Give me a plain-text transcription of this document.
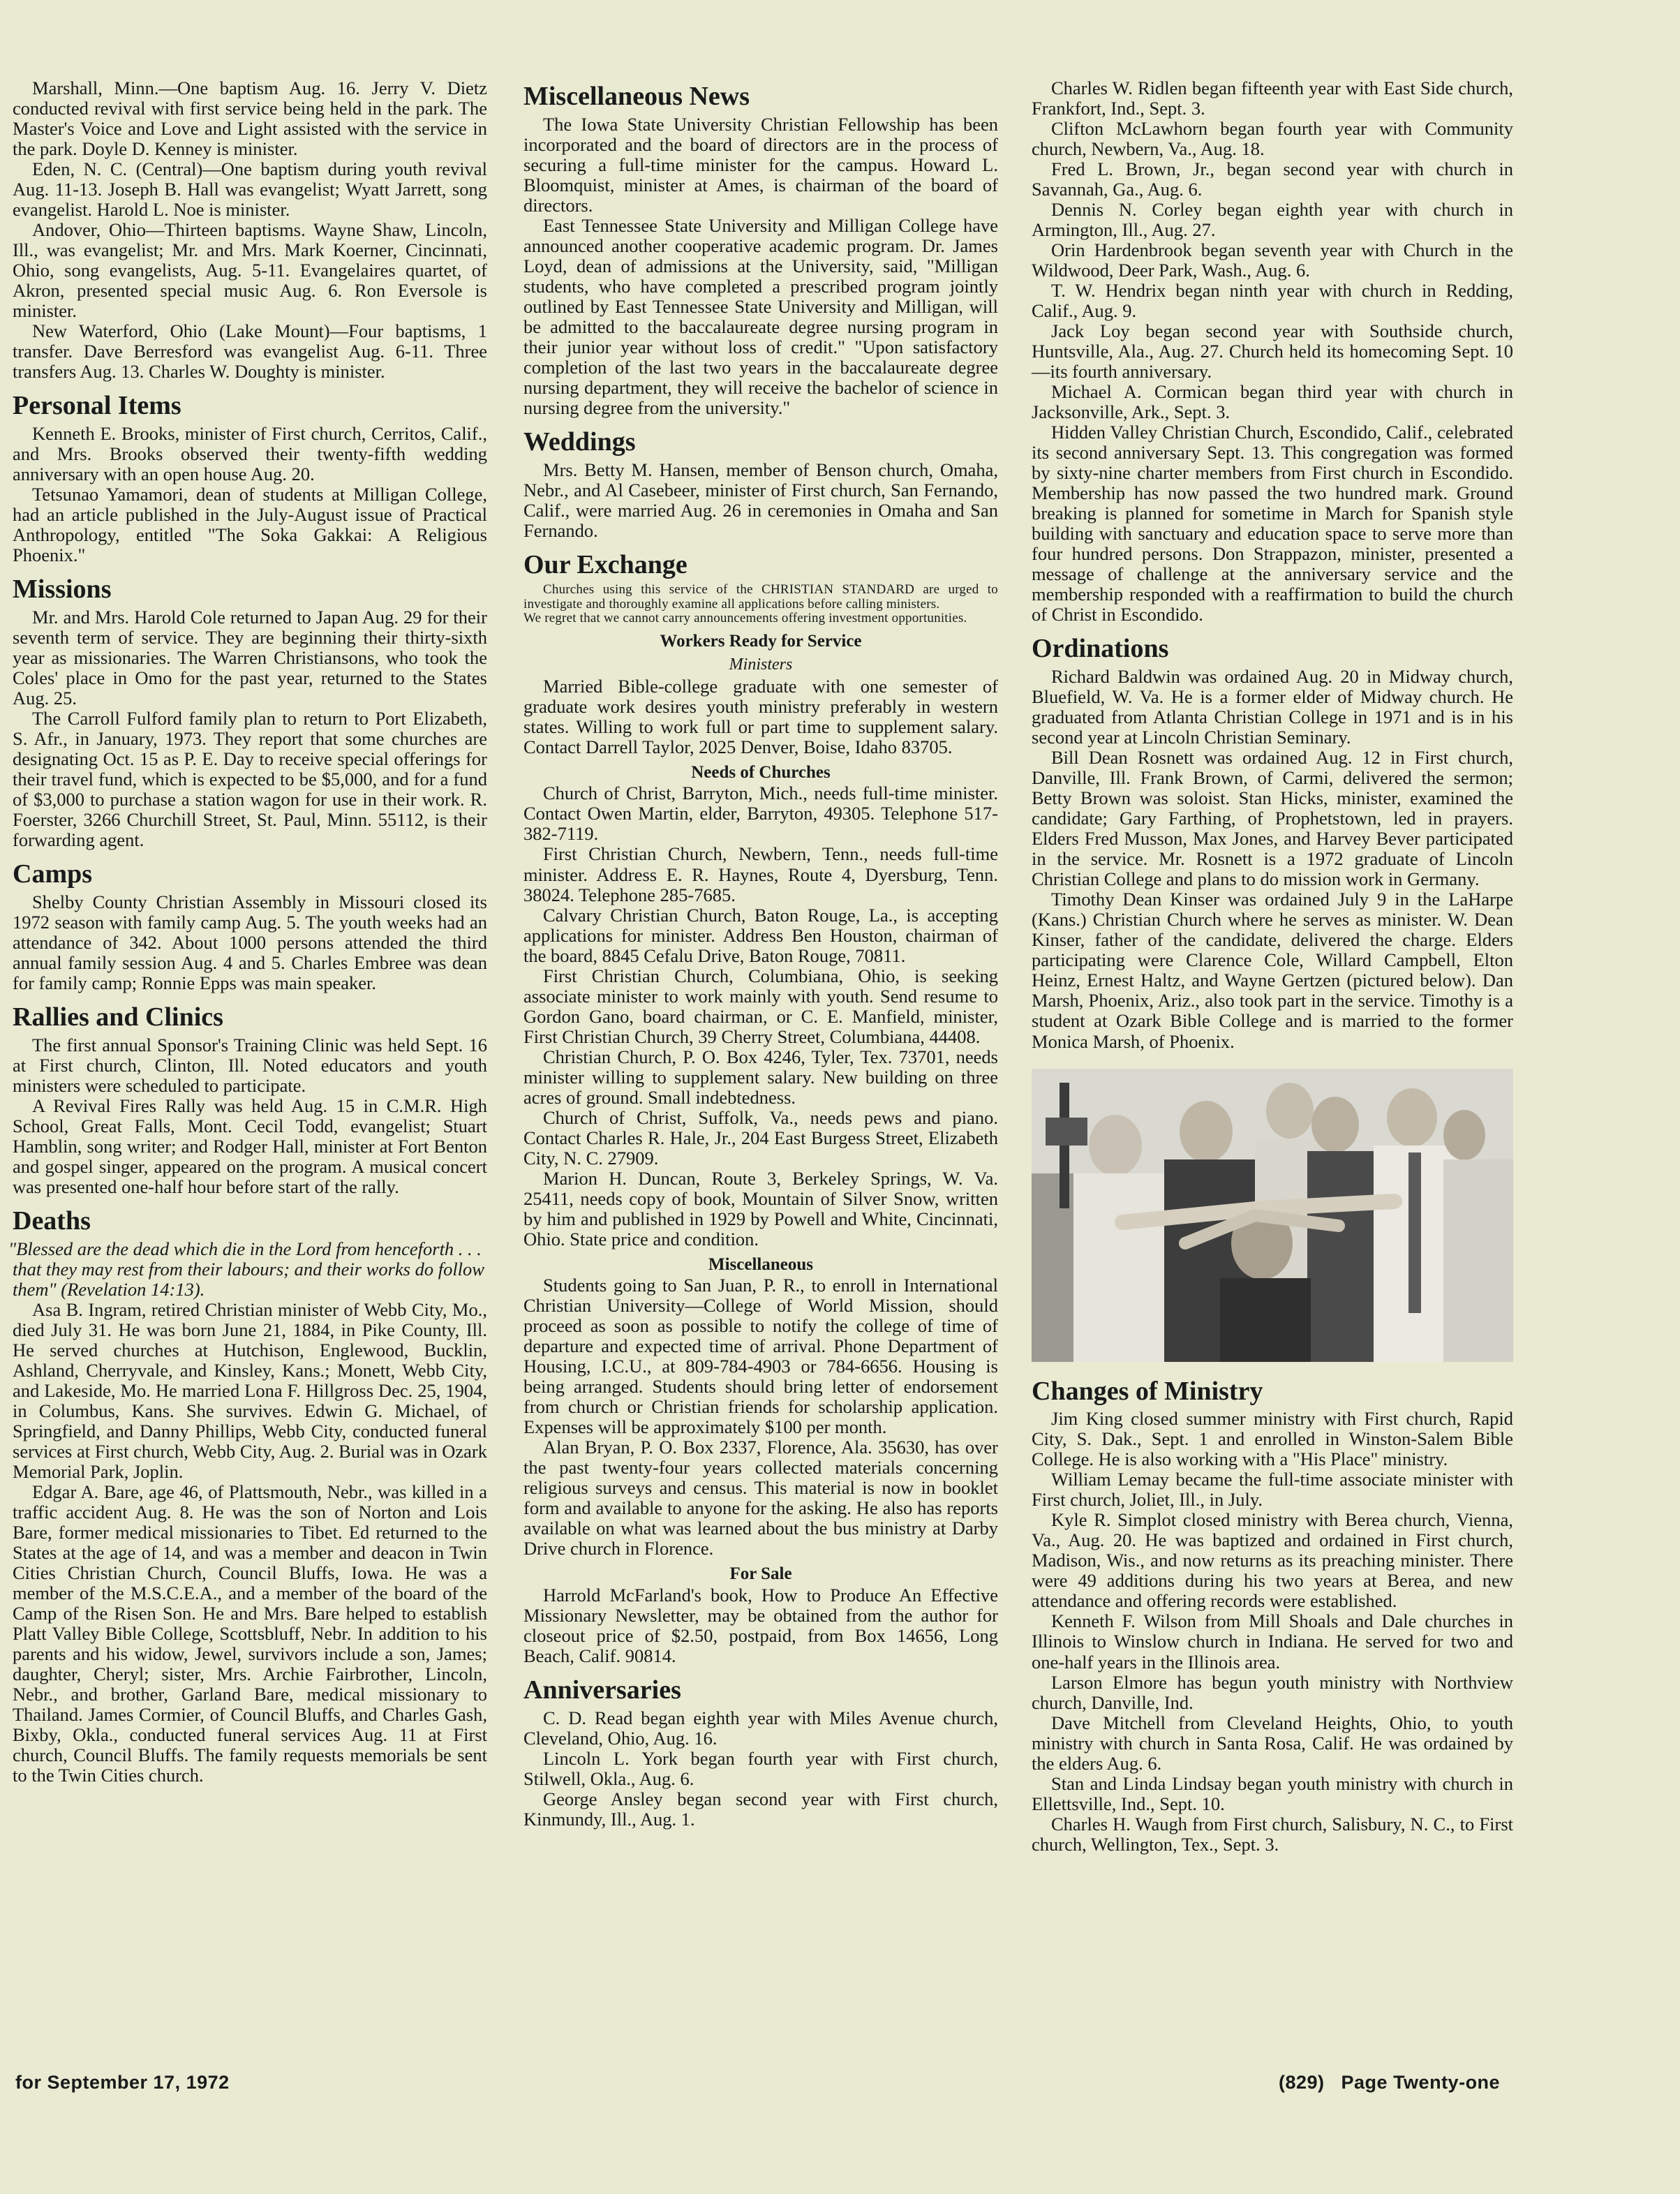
Marshall, Minn.—One baptism Aug. 16. Jerry V. Dietz conducted revival with first service being held in the park. The Master's Voice and Love and Light assisted with the service in the park. Doyle D. Kenney is minister.

Eden, N. C. (Central)—One baptism during youth revival Aug. 11-13. Joseph B. Hall was evangelist; Wyatt Jarrett, song evangelist. Harold L. Noe is minister.

Andover, Ohio—Thirteen baptisms. Wayne Shaw, Lincoln, Ill., was evangelist; Mr. and Mrs. Mark Koerner, Cincinnati, Ohio, song evangelists, Aug. 5-11. Evangelaires quartet, of Akron, presented special music Aug. 6. Ron Eversole is minister.

New Waterford, Ohio (Lake Mount)—Four baptisms, 1 transfer. Dave Berresford was evangelist Aug. 6-11. Three transfers Aug. 13. Charles W. Doughty is minister.

Personal Items

Kenneth E. Brooks, minister of First church, Cerritos, Calif., and Mrs. Brooks observed their twenty-fifth wedding anniversary with an open house Aug. 20.

Tetsunao Yamamori, dean of students at Milligan College, had an article published in the July-August issue of Practical Anthropology, entitled "The Soka Gakkai: A Religious Phoenix."

Missions

Mr. and Mrs. Harold Cole returned to Japan Aug. 29 for their seventh term of service. They are beginning their thirty-sixth year as missionaries. The Warren Christiansons, who took the Coles' place in Omo for the past year, returned to the States Aug. 25.

The Carroll Fulford family plan to return to Port Elizabeth, S. Afr., in January, 1973. They report that some churches are designating Oct. 15 as P. E. Day to receive special offerings for their travel fund, which is expected to be $5,000, and for a fund of $3,000 to purchase a station wagon for use in their work. R. Foerster, 3266 Churchill Street, St. Paul, Minn. 55112, is their forwarding agent.

Camps

Shelby County Christian Assembly in Missouri closed its 1972 season with family camp Aug. 5. The youth weeks had an attendance of 342. About 1000 persons attended the third annual family session Aug. 4 and 5. Charles Embree was dean for family camp; Ronnie Epps was main speaker.

Rallies and Clinics

The first annual Sponsor's Training Clinic was held Sept. 16 at First church, Clinton, Ill. Noted educators and youth ministers were scheduled to participate.

A Revival Fires Rally was held Aug. 15 in C.M.R. High School, Great Falls, Mont. Cecil Todd, evangelist; Stuart Hamblin, song writer; and Rodger Hall, minister at Fort Benton and gospel singer, appeared on the program. A musical concert was presented one-half hour before start of the rally.

Deaths

"Blessed are the dead which die in the Lord from henceforth . . . that they may rest from their labours; and their works do follow them" (Revelation 14:13).

Asa B. Ingram, retired Christian minister of Webb City, Mo., died July 31. He was born June 21, 1884, in Pike County, Ill. He served churches at Hutchison, Englewood, Bucklin, Ashland, Cherryvale, and Kinsley, Kans.; Monett, Webb City, and Lakeside, Mo. He married Lona F. Hillgross Dec. 25, 1904, in Columbus, Kans. She survives. Edwin G. Michael, of Springfield, and Danny Phillips, Webb City, conducted funeral services at First church, Webb City, Aug. 2. Burial was in Ozark Memorial Park, Joplin.

Edgar A. Bare, age 46, of Plattsmouth, Nebr., was killed in a traffic accident Aug. 8. He was the son of Norton and Lois Bare, former medical missionaries to Tibet. Ed returned to the States at the age of 14, and was a member and deacon in Twin Cities Christian Church, Council Bluffs, Iowa. He was a member of the M.S.C.E.A., and a member of the board of the Camp of the Risen Son. He and Mrs. Bare helped to establish Platt Valley Bible College, Scottsbluff, Nebr. In addition to his parents and his widow, Jewel, survivors include a son, James; daughter, Cheryl; sister, Mrs. Archie Fairbrother, Lincoln, Nebr., and brother, Garland Bare, medical missionary to Thailand. James Cormier, of Council Bluffs, and Charles Gash, Bixby, Okla., conducted funeral services Aug. 11 at First church, Council Bluffs. The family requests memorials be sent to the Twin Cities church.

Miscellaneous News

The Iowa State University Christian Fellowship has been incorporated and the board of directors are in the process of securing a full-time minister for the campus. Howard L. Bloomquist, minister at Ames, is chairman of the board of directors.

East Tennessee State University and Milligan College have announced another cooperative academic program. Dr. James Loyd, dean of admissions at the University, said, "Milligan students, who have completed a prescribed program jointly outlined by East Tennessee State University and Milligan, will be admitted to the baccalaureate degree nursing program in their junior year without loss of credit." "Upon satisfactory completion of the last two years in the baccalaureate degree nursing department, they will receive the bachelor of science in nursing degree from the university."

Weddings

Mrs. Betty M. Hansen, member of Benson church, Omaha, Nebr., and Al Casebeer, minister of First church, San Fernando, Calif., were married Aug. 26 in ceremonies in Omaha and San Fernando.

Our Exchange

Churches using this service of the CHRISTIAN STANDARD are urged to investigate and thoroughly examine all applications before calling ministers.

We regret that we cannot carry announcements offering investment opportunities.

Workers Ready for Service
Ministers

Married Bible-college graduate with one semester of graduate work desires youth ministry preferably in western states. Willing to work full or part time to supplement salary. Contact Darrell Taylor, 2025 Denver, Boise, Idaho 83705.

Needs of Churches

Church of Christ, Barryton, Mich., needs full-time minister. Contact Owen Martin, elder, Barryton, 49305. Telephone 517-382-7119.

First Christian Church, Newbern, Tenn., needs full-time minister. Address E. R. Haynes, Route 4, Dyersburg, Tenn. 38024. Telephone 285-7685.

Calvary Christian Church, Baton Rouge, La., is accepting applications for minister. Address Ben Houston, chairman of the board, 8845 Cefalu Drive, Baton Rouge, 70811.

First Christian Church, Columbiana, Ohio, is seeking associate minister to work mainly with youth. Send resume to Gordon Gano, board chairman, or C. E. Manfield, minister, First Christian Church, 39 Cherry Street, Columbiana, 44408.

Christian Church, P. O. Box 4246, Tyler, Tex. 73701, needs minister willing to supplement salary. New building on three acres of ground. Small indebtedness.

Church of Christ, Suffolk, Va., needs pews and piano. Contact Charles R. Hale, Jr., 204 East Burgess Street, Elizabeth City, N. C. 27909.

Marion H. Duncan, Route 3, Berkeley Springs, W. Va. 25411, needs copy of book, Mountain of Silver Snow, written by him and published in 1929 by Powell and White, Cincinnati, Ohio. State price and condition.

Miscellaneous

Students going to San Juan, P. R., to enroll in International Christian University—College of World Mission, should proceed as soon as possible to notify the college of time of departure and expected time of arrival. Phone Department of Housing, I.C.U., at 809-784-4903 or 784-6656. Housing is being arranged. Students should bring letter of endorsement from church or Christian friends for scholarship application. Expenses will be approximately $100 per month.

Alan Bryan, P. O. Box 2337, Florence, Ala. 35630, has over the past twenty-four years collected materials concerning religious surveys and census. This material is now in booklet form and available to anyone for the asking. He also has reports available on what was learned about the bus ministry at Darby Drive church in Florence.

For Sale

Harrold McFarland's book, How to Produce An Effective Missionary Newsletter, may be obtained from the author for closeout price of $2.50, postpaid, from Box 14656, Long Beach, Calif. 90814.

Anniversaries

C. D. Read began eighth year with Miles Avenue church, Cleveland, Ohio, Aug. 16.

Lincoln L. York began fourth year with First church, Stilwell, Okla., Aug. 6.

George Ansley began second year with First church, Kinmundy, Ill., Aug. 1.

Charles W. Ridlen began fifteenth year with East Side church, Frankfort, Ind., Sept. 3.

Clifton McLawhorn began fourth year with Community church, Newbern, Va., Aug. 18.

Fred L. Brown, Jr., began second year with church in Savannah, Ga., Aug. 6.

Dennis N. Corley began eighth year with church in Armington, Ill., Aug. 27.

Orin Hardenbrook began seventh year with Church in the Wildwood, Deer Park, Wash., Aug. 6.

T. W. Hendrix began ninth year with church in Redding, Calif., Aug. 9.

Jack Loy began second year with Southside church, Huntsville, Ala., Aug. 27. Church held its homecoming Sept. 10—its fourth anniversary.

Michael A. Cormican began third year with church in Jacksonville, Ark., Sept. 3.

Hidden Valley Christian Church, Escondido, Calif., celebrated its second anniversary Sept. 13. This congregation was formed by sixty-nine charter members from First church in Escondido. Membership has now passed the two hundred mark. Ground breaking is planned for sometime in March for Spanish style building with sanctuary and education space to serve more than four hundred persons. Don Strappazon, minister, presented a message of challenge at the anniversary service and the membership responded with a reaffirmation to build the church of Christ in Escondido.

Ordinations

Richard Baldwin was ordained Aug. 20 in Midway church, Bluefield, W. Va. He is a former elder of Midway church. He graduated from Atlanta Christian College in 1971 and is in his second year at Lincoln Christian Seminary.

Bill Dean Rosnett was ordained Aug. 12 in First church, Danville, Ill. Frank Brown, of Carmi, delivered the sermon; Betty Brown was soloist. Stan Hicks, minister, examined the candidate; Gary Farthing, of Prophetstown, led in prayers. Elders Fred Musson, Max Jones, and Harvey Bever participated in the service. Mr. Rosnett is a 1972 graduate of Lincoln Christian College and plans to do mission work in Germany.

Timothy Dean Kinser was ordained July 9 in the LaHarpe (Kans.) Christian Church where he serves as minister. W. Dean Kinser, father of the candidate, delivered the charge. Elders participating were Clarence Cole, Willard Campbell, Elton Heinz, Ernest Haltz, and Wayne Gertzen (pictured below). Dan Marsh, Phoenix, Ariz., also took part in the service. Timothy is a student at Ozark Bible College and is married to the former Monica Marsh, of Phoenix.

Changes of Ministry

Jim King closed summer ministry with First church, Rapid City, S. Dak., Sept. 1 and enrolled in Winston-Salem Bible College. He is also working with a "His Place" ministry.

William Lemay became the full-time associate minister with First church, Joliet, Ill., in July.

Kyle R. Simplot closed ministry with Berea church, Vienna, Va., Aug. 20. He was baptized and ordained in First church, Madison, Wis., and now returns as its preaching minister. There were 49 additions during his two years at Berea, and new attendance and offering records were established.

Kenneth F. Wilson from Mill Shoals and Dale churches in Illinois to Winslow church in Indiana. He served for two and one-half years in the Illinois area.

Larson Elmore has begun youth ministry with Northview church, Danville, Ind.

Dave Mitchell from Cleveland Heights, Ohio, to youth ministry with church in Santa Rosa, Calif. He was ordained by the elders Aug. 6.

Stan and Linda Lindsay began youth ministry with church in Ellettsville, Ind., Sept. 10.

Charles H. Waugh from First church, Salisbury, N. C., to First church, Wellington, Tex., Sept. 3.

for September 17, 1972	(829)   Page Twenty-one
